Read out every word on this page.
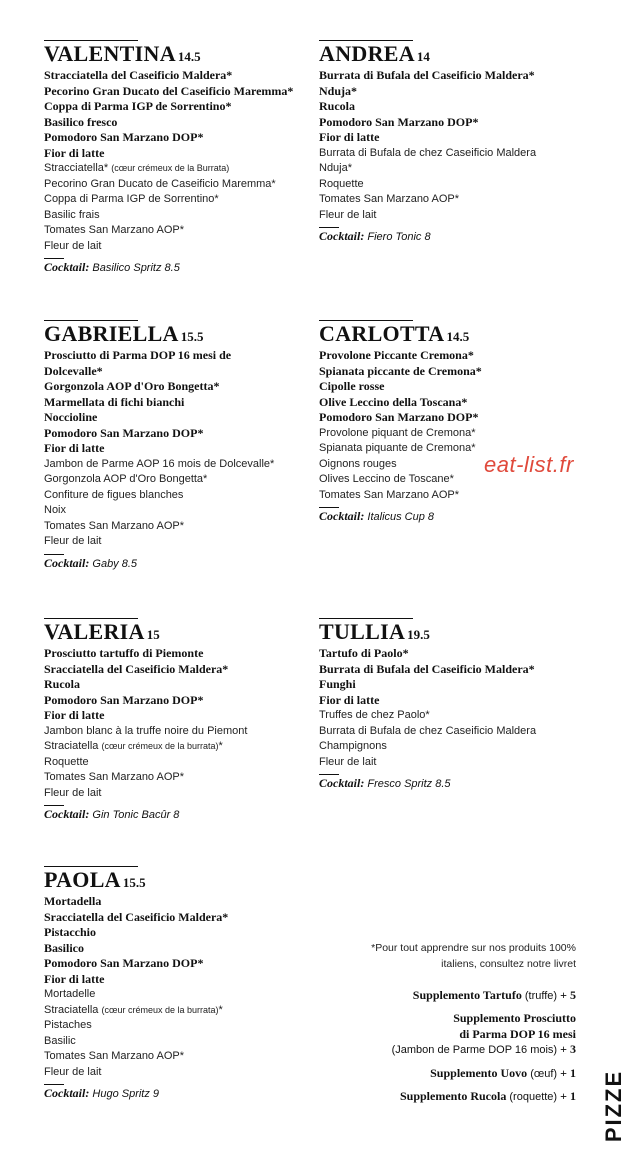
VALENTINA 14.5
Stracciatella del Caseificio Maldera*
Pecorino Gran Ducato del Caseificio Maremma*
Coppa di Parma IGP de Sorrentino*
Basilico fresco
Pomodoro San Marzano DOP*
Fior di latte
Stracciatella* (cœur crémeux de la Burrata)
Pecorino Gran Ducato de Caseificio Maremma*
Coppa di Parma IGP de Sorrentino*
Basilic frais
Tomates San Marzano AOP*
Fleur de lait
Cocktail: Basilico Spritz 8.5
ANDREA 14
Burrata di Bufala del Caseificio Maldera*
Nduja*
Rucola
Pomodoro San Marzano DOP*
Fior di latte
Burrata di Bufala de chez Caseificio Maldera
Nduja*
Roquette
Tomates San Marzano AOP*
Fleur de lait
Cocktail: Fiero Tonic 8
GABRIELLA 15.5
Prosciutto di Parma DOP 16 mesi de
Dolcevalle*
Gorgonzola AOP d'Oro Bongetta*
Marmellata di fichi bianchi
Noccioline
Pomodoro San Marzano DOP*
Fior di latte
Jambon de Parme AOP 16 mois de Dolcevalle*
Gorgonzola AOP d'Oro Bongetta*
Confiture de figues blanches
Noix
Tomates San Marzano AOP*
Fleur de lait
Cocktail: Gaby 8.5
CARLOTTA 14.5
Provolone Piccante Cremona*
Spianata piccante de Cremona*
Cipolle rosse
Olive Leccino della Toscana*
Pomodoro San Marzano DOP*
Provolone piquant de Cremona*
Spianata piquante de Cremona*
Oignons rouges
Olives Leccino de Toscane*
Tomates San Marzano AOP*
Cocktail: Italicus Cup 8
VALERIA 15
Prosciutto tartuffo di Piemonte
Sracciatella del Caseificio Maldera*
Rucola
Pomodoro San Marzano DOP*
Fior di latte
Jambon blanc à la truffe noire du Piemont
Straciatella (cœur crémeux de la burrata)*
Roquette
Tomates San Marzano AOP*
Fleur de lait
Cocktail: Gin Tonic Bacûr 8
TULLIA 19.5
Tartufo di Paolo*
Burrata di Bufala del Caseificio Maldera*
Funghi
Fior di latte
Truffes de chez Paolo*
Burrata di Bufala de chez Caseificio Maldera
Champignons
Fleur de lait
Cocktail: Fresco Spritz 8.5
PAOLA 15.5
Mortadella
Sracciatella del Caseificio Maldera*
Pistacchio
Basilico
Pomodoro San Marzano DOP*
Fior di latte
Mortadelle
Straciatella (cœur crémeux de la burrata)*
Pistaches
Basilic
Tomates San Marzano AOP*
Fleur de lait
Cocktail: Hugo Spritz 9
eat-list.fr
*Pour tout apprendre sur nos produits 100%
italiens, consultez notre livret
Supplemento Tartufo (truffe) + 5
Supplemento Prosciutto
di Parma DOP 16 mesi
(Jambon de Parme DOP 16 mois) + 3
Supplemento Uovo (œuf) + 1
Supplemento Rucola (roquette) + 1 PIZZE
